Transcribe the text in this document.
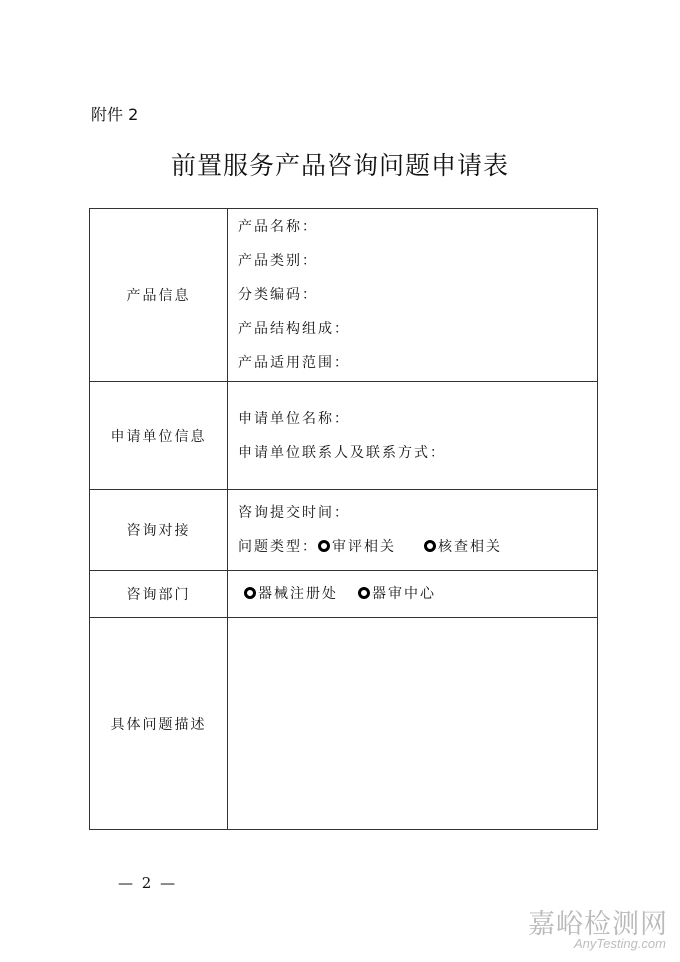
附件 2
前置服务产品咨询问题申请表
产品信息	产品名称：
产品类别：
分类编码：
产品结构组成：
产品适用范围：

申请单位信息	申请单位名称：
申请单位联系人及联系方式：

咨询对接	咨询提交时间：
问题类型： 审评相关 核查相关

咨询部门	器械注册处 器审中心

具体问题描述	
— 2 —
嘉峪检测网
AnyTesting.com
